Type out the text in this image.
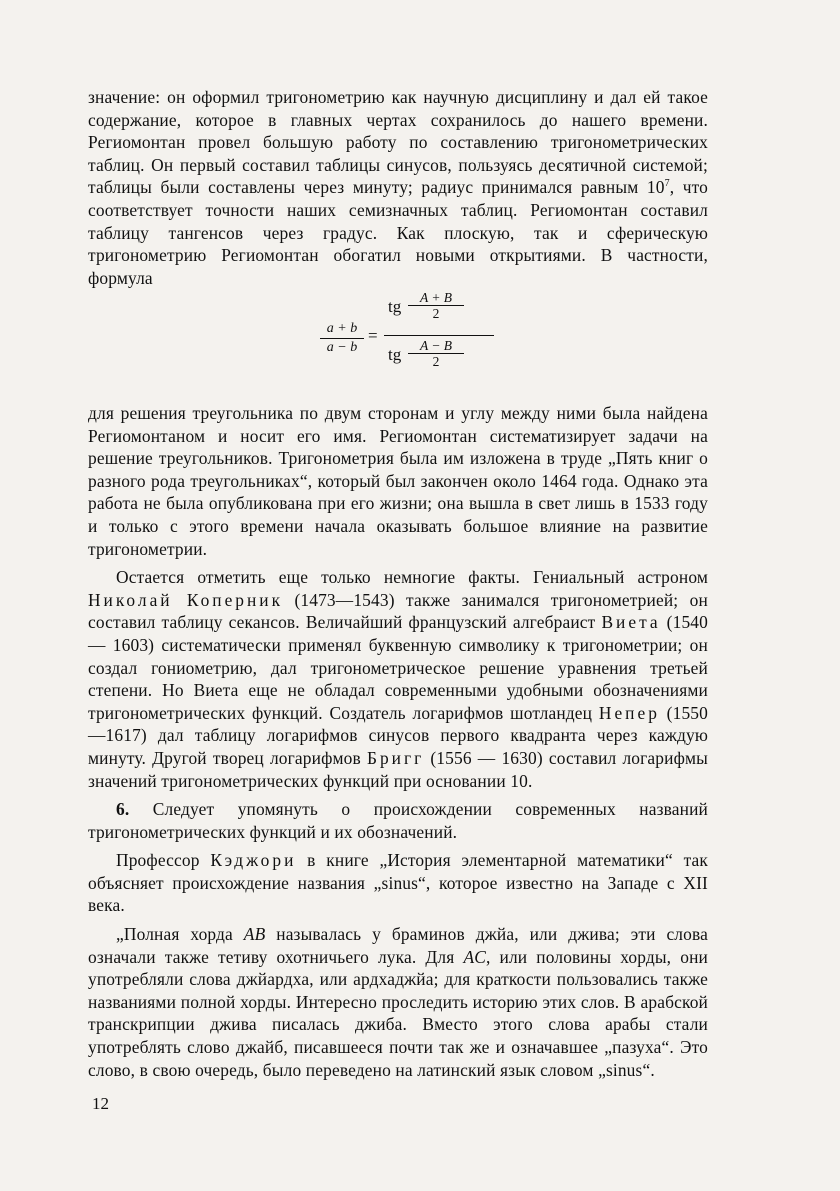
значение: он оформил тригонометрию как научную дисциплину и дал ей такое содержание, которое в главных чертах сохранилось до нашего времени. Региомонтан провел большую работу по составлению тригонометрических таблиц. Он первый составил таблицы синусов, пользуясь десятичной системой; таблицы были составлены через минуту; радиус принимался равным $10^7$, что соответствует точности наших семизначных таблиц. Региомонтан составил таблицу тангенсов через градус. Как плоскую, так и сферическую тригонометрию Региомонтан обогатил новыми открытиями. В частности, формула

a + b
a − b
=
tg	A + B
2
tg	A − B
2

для решения треугольника по двум сторонам и углу между ними была найдена Региомонтаном и носит его имя. Региомонтан систематизирует задачи на решение треугольников. Тригонометрия была им изложена в труде „Пять книг о разного рода треугольниках“, который был закончен около 1464 года. Однако эта работа не была опубликована при его жизни; она вышла в свет лишь в 1533 году и только с этого времени начала оказывать большое влияние на развитие тригонометрии.

Остается отметить еще только немногие факты. Гениальный астроном Николай Коперник (1473—1543) также занимался тригонометрией; он составил таблицу секансов. Величайший французский алгебраист Виета (1540 — 1603) систематически применял буквенную символику к тригонометрии; он создал гониометрию, дал тригонометрическое решение уравнения третьей степени. Но Виета еще не обладал современными удобными обозначениями тригонометрических функций. Создатель логарифмов шотландец Непер (1550—1617) дал таблицу логарифмов синусов первого квадранта через каждую минуту. Другой творец логарифмов Бригг (1556 — 1630) составил логарифмы значений тригонометрических функций при основании 10.

6. Следует упомянуть о происхождении современных названий тригонометрических функций и их обозначений.

Профессор Кэджори в книге „История элементарной математики“ так объясняет происхождение названия „sinus“, которое известно на Западе с XII века.

„Полная хорда AB называлась у браминов джйа, или джива; эти слова означали также тетиву охотничьего лука. Для AC, или половины хорды, они употребляли слова джйардха, или ардхаджйа; для краткости пользовались также названиями полной хорды. Интересно проследить историю этих слов. В арабской транскрипции джива писалась джиба. Вместо этого слова арабы стали употреблять слово джайб, писавшееся почти так же и означавшее „пазуха“. Это слово, в свою очередь, было переведено на латинский язык словом „sinus“.

12
